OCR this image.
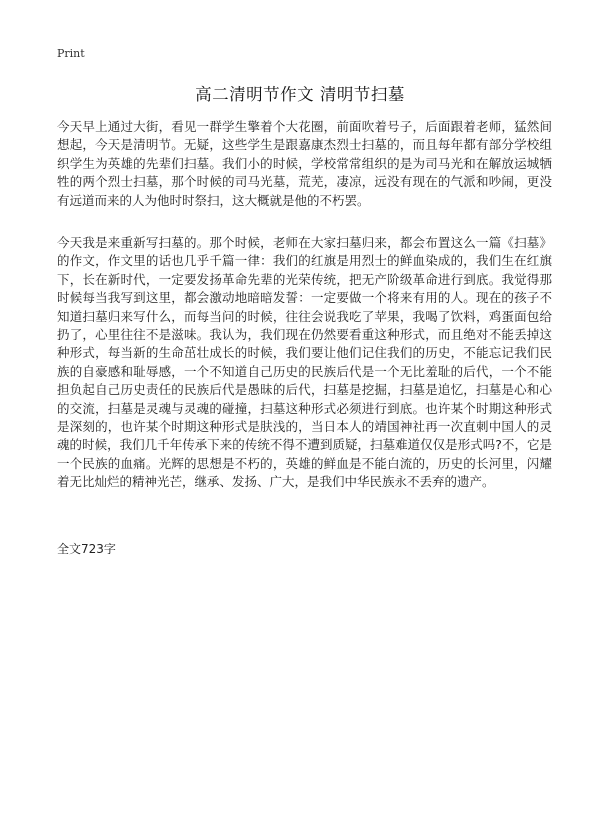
Print
高二清明节作文 清明节扫墓

今天早上通过大街，看见一群学生擎着个大花圈，前面吹着号子，后面跟着老师，猛然间想起，今天是清明节。无疑，这些学生是跟嘉康杰烈士扫墓的，而且每年都有部分学校组织学生为英雄的先辈们扫墓。我们小的时候，学校常常组织的是为司马光和在解放运城牺牲的两个烈士扫墓，那个时候的司马光墓，荒芜，凄凉，远没有现在的气派和吵闹，更没有远道而来的人为他时时祭扫，这大概就是他的不朽罢。

今天我是来重新写扫墓的。那个时候，老师在大家扫墓归来，都会布置这么一篇《扫墓》的作文，作文里的话也几乎千篇一律：我们的红旗是用烈士的鲜血染成的，我们生在红旗下，长在新时代，一定要发扬革命先辈的光荣传统，把无产阶级革命进行到底。我觉得那时候每当我写到这里，都会激动地暗暗发誓：一定要做一个将来有用的人。现在的孩子不知道扫墓归来写什么，而每当问的时候，往往会说我吃了苹果，我喝了饮料，鸡蛋面包给扔了，心里往往不是滋味。我认为，我们现在仍然要看重这种形式，而且绝对不能丢掉这种形式，每当新的生命茁壮成长的时候，我们要让他们记住我们的历史，不能忘记我们民族的自豪感和耻辱感，一个不知道自己历史的民族后代是一个无比羞耻的后代，一个不能担负起自己历史责任的民族后代是愚昧的后代，扫墓是挖掘，扫墓是追忆，扫墓是心和心的交流，扫墓是灵魂与灵魂的碰撞，扫墓这种形式必须进行到底。也许某个时期这种形式是深刻的，也许某个时期这种形式是肤浅的，当日本人的靖国神社再一次直刺中国人的灵魂的时候，我们几千年传承下来的传统不得不遭到质疑，扫墓难道仅仅是形式吗?不，它是一个民族的血痛。光辉的思想是不朽的，英雄的鲜血是不能白流的，历史的长河里，闪耀着无比灿烂的精神光芒，继承、发扬、广大，是我们中华民族永不丢弃的遗产。

全文723字
